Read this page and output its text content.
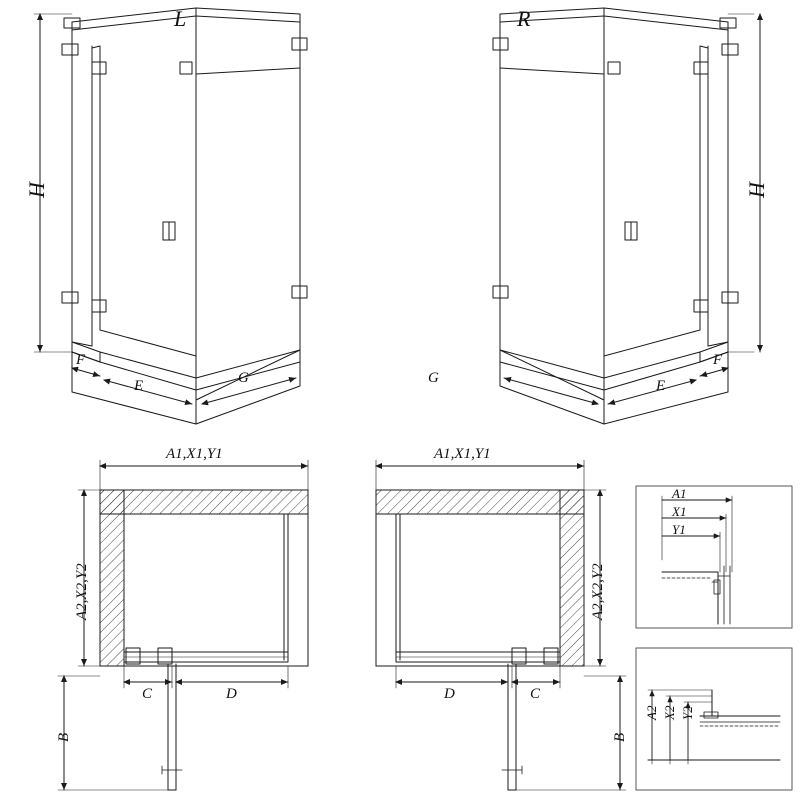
L	R
H	H
F
E	G
F
E
G
A1,X1,Y1	A1,X1,Y1
A2,X2,Y2	A2,X2,Y2
C	D	D	C
B	B
A1
X1
Y1
A2 X2 Y2
